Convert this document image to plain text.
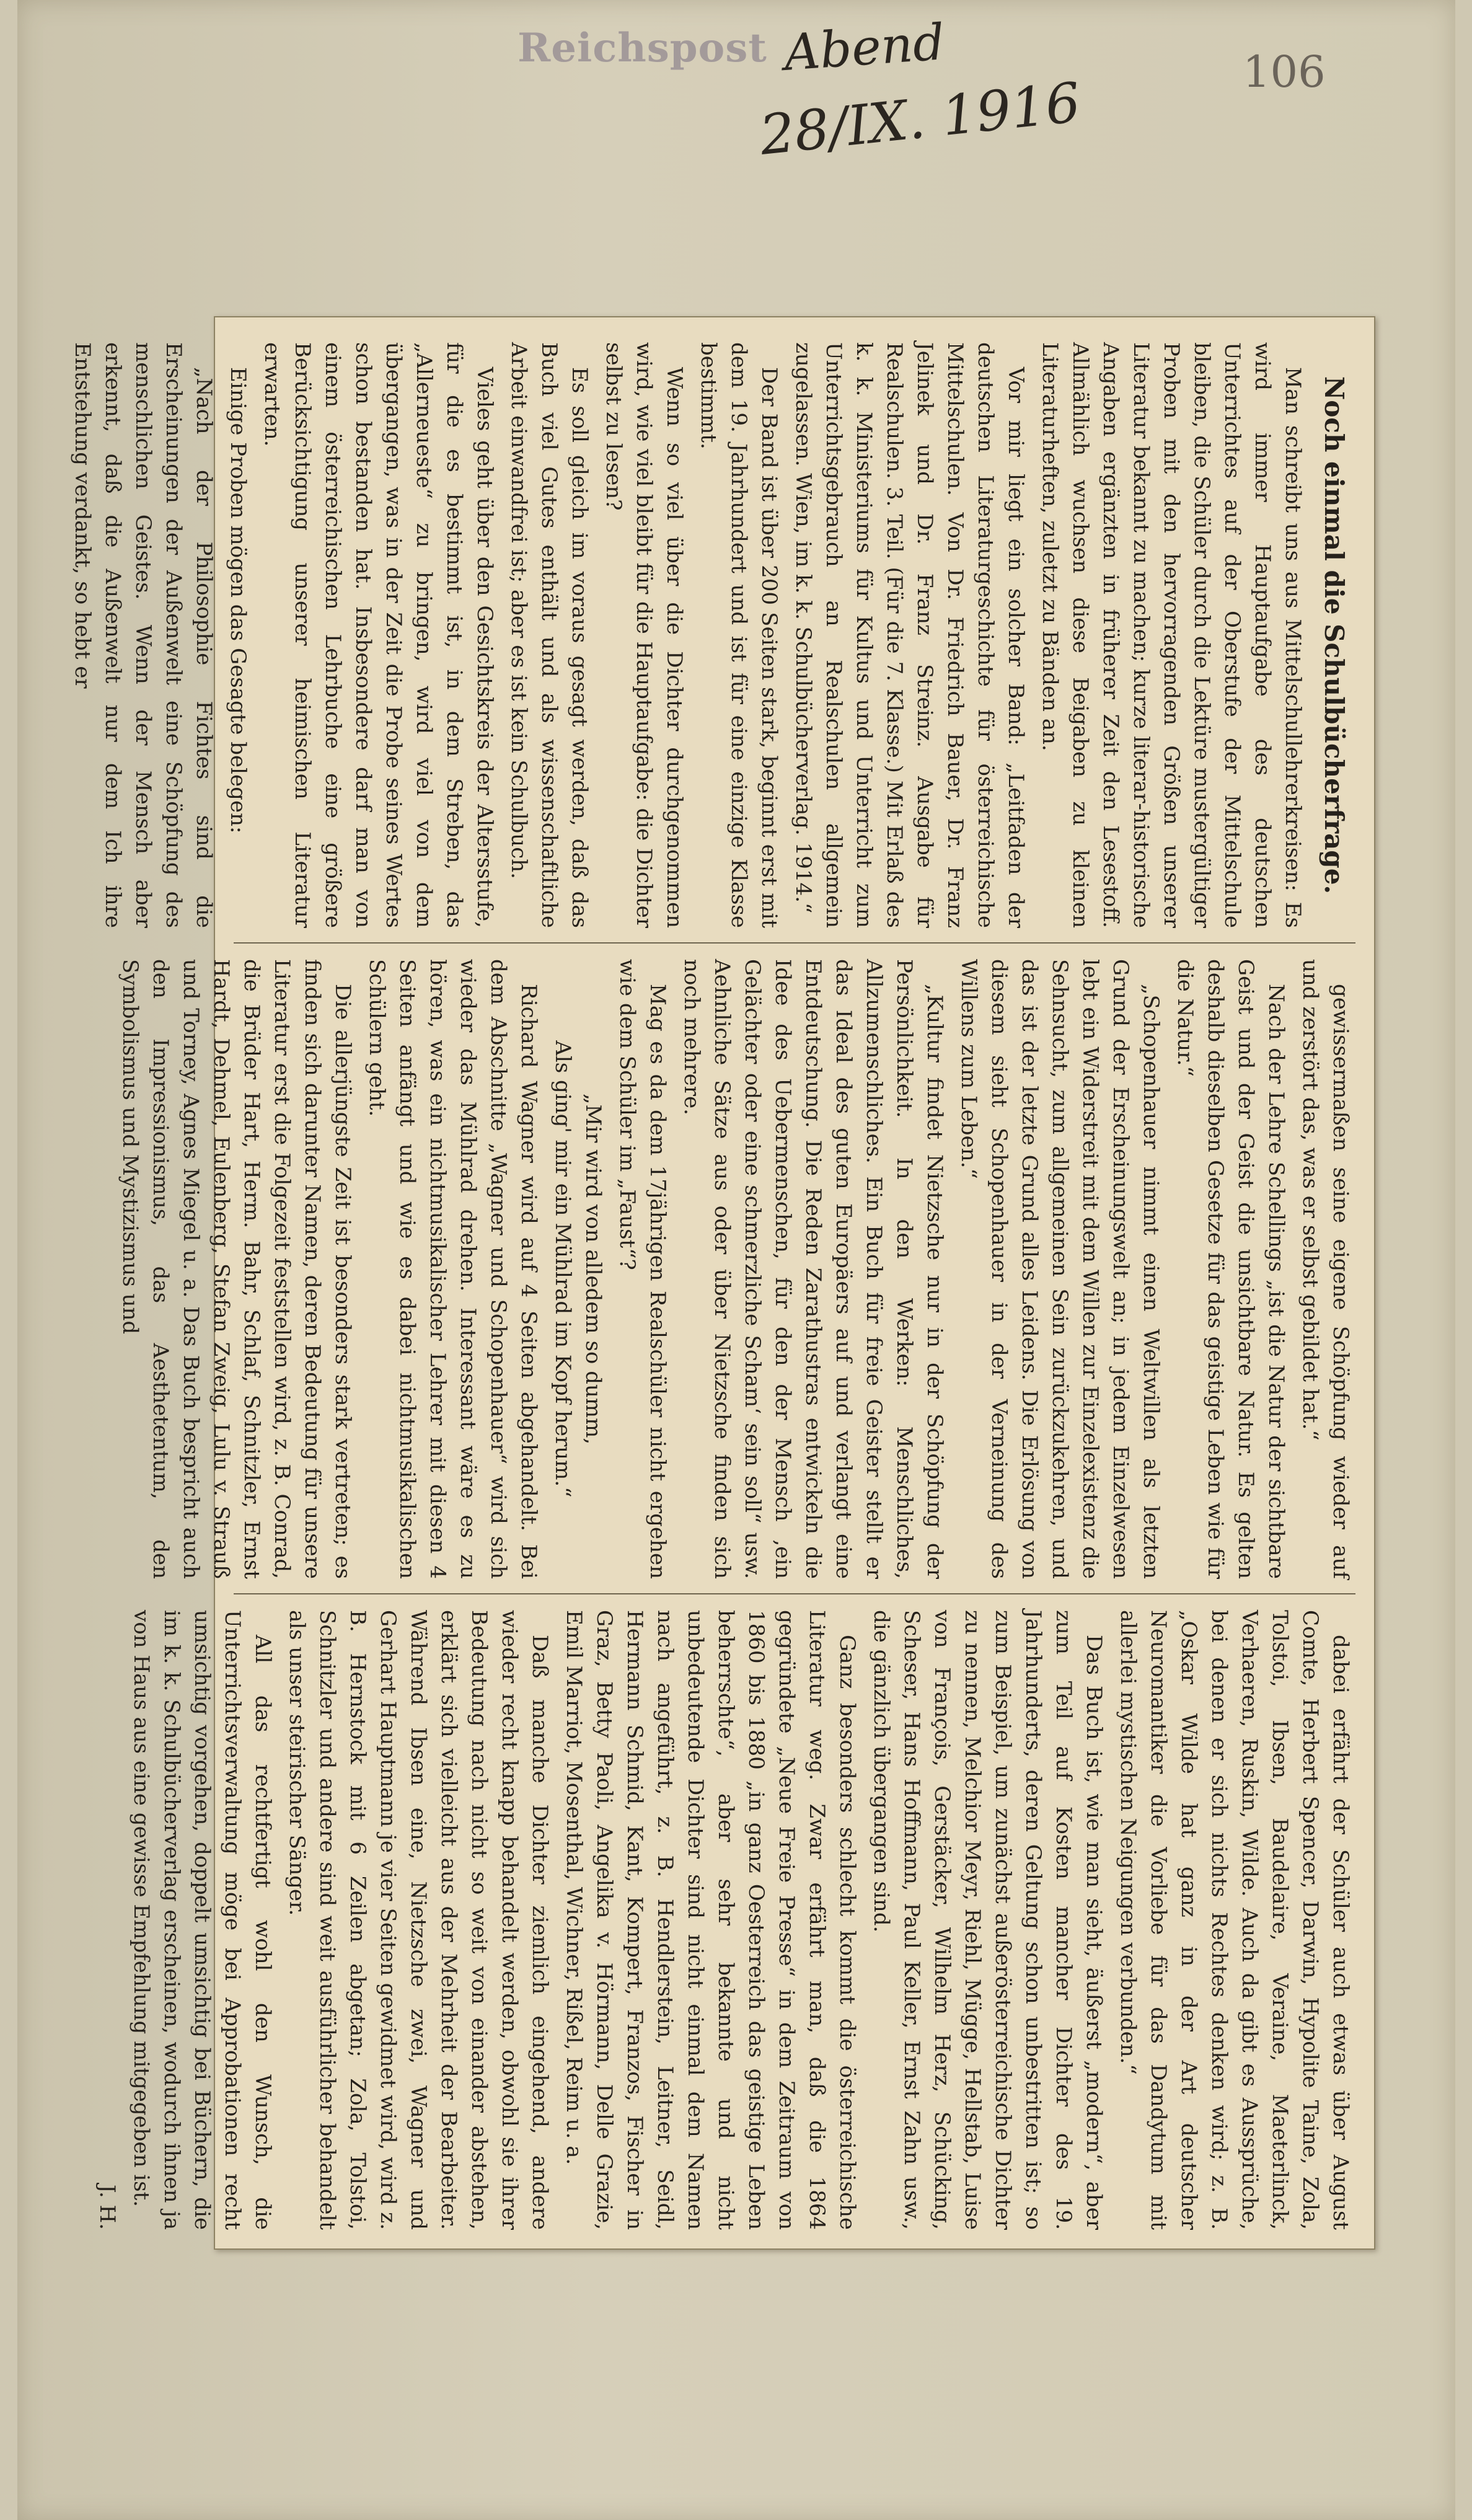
Reichspost Abend
28/IX. 1916	106

Noch einmal die Schulbücherfrage.

Man schreibt uns aus Mittelschullehrerkreisen: Es wird immer Hauptaufgabe des deutschen Unterrichtes auf der Oberstufe der Mittelschule bleiben, die Schüler durch die Lektüre mustergültiger Proben mit den hervorragenden Größen unserer Literatur bekannt zu machen; kurze literar-historische Angaben ergänzten in früherer Zeit den Lesestoff. Allmählich wuchsen diese Beigaben zu kleinen Literaturheften, zuletzt zu Bänden an.

Vor mir liegt ein solcher Band: „Leitfaden der deutschen Literaturgeschichte für österreichische Mittelschulen. Von Dr. Friedrich Bauer, Dr. Franz Jelinek und Dr. Franz Streinz. Ausgabe für Realschulen. 3. Teil. (Für die 7. Klasse.) Mit Erlaß des k. k. Ministeriums für Kultus und Unterricht zum Unterrichtsgebrauch an Realschulen allgemein zugelassen. Wien, im k. k. Schulbücherverlag. 1914.“

Der Band ist über 200 Seiten stark, beginnt erst mit dem 19. Jahrhundert und ist für eine einzige Klasse bestimmt.

Wenn so viel über die Dichter durchgenommen wird, wie viel bleibt für die Hauptaufgabe: die Dichter selbst zu lesen?

Es soll gleich im voraus gesagt werden, daß das Buch viel Gutes enthält und als wissenschaftliche Arbeit einwandfrei ist; aber es ist kein Schulbuch.

Vieles geht über den Gesichtskreis der Altersstufe, für die es bestimmt ist, in dem Streben, das „Allerneueste“ zu bringen, wird viel von dem übergangen, was in der Zeit die Probe seines Wertes schon bestanden hat. Insbesondere darf man von einem österreichischen Lehrbuche eine größere Berücksichtigung unserer heimischen Literatur erwarten.

Einige Proben mögen das Gesagte belegen:

„Nach der Philosophie Fichtes sind die Erscheinungen der Außenwelt eine Schöpfung des menschlichen Geistes. Wenn der Mensch aber erkennt, daß die Außenwelt nur dem Ich ihre Entstehung verdankt, so hebt er

gewissermaßen seine eigene Schöpfung wieder auf und zerstört das, was er selbst gebildet hat.“

Nach der Lehre Schellings „ist die Natur der sichtbare Geist und der Geist die unsichtbare Natur. Es gelten deshalb dieselben Gesetze für das geistige Leben wie für die Natur.“

„Schopenhauer nimmt einen Weltwillen als letzten Grund der Erscheinungswelt an; in jedem Einzelwesen lebt ein Widerstreit mit dem Willen zur Einzelexistenz die Sehnsucht, zum allgemeinen Sein zurückzukehren, und das ist der letzte Grund alles Leidens. Die Erlösung von diesem sieht Schopenhauer in der Verneinung des Willens zum Leben.“

„Kultur findet Nietzsche nur in der Schöpfung der Persönlichkeit. In den Werken: Menschliches, Allzumenschliches. Ein Buch für freie Geister stellt er das Ideal des guten Europäers auf und verlangt eine Entdeutschung. Die Reden Zarathustras entwickeln die Idee des Uebermenschen, für den der Mensch ‚ein Gelächter oder eine schmerzliche Scham‘ sein soll“ usw. Aehnliche Sätze aus oder über Nietzsche finden sich noch mehrere.

Mag es da dem 17jährigen Realschüler nicht ergehen wie dem Schüler im „Faust“?

„Mir wird von alledem so dumm,
Als ging' mir ein Mühlrad im Kopf herum.“

Richard Wagner wird auf 4 Seiten abgehandelt. Bei dem Abschnitte „Wagner und Schopenhauer“ wird sich wieder das Mühlrad drehen. Interessant wäre es zu hören, was ein nichtmusikalischer Lehrer mit diesen 4 Seiten anfängt und wie es dabei nichtmusikalischen Schülern geht.

Die allerjüngste Zeit ist besonders stark vertreten; es finden sich darunter Namen, deren Bedeutung für unsere Literatur erst die Folgezeit feststellen wird, z. B. Conrad, die Brüder Hart, Herm. Bahr, Schlaf, Schnitzler, Ernst Hardt, Dehmel, Eulenberg, Stefan Zweig, Lulu v. Strauß und Torney, Agnes Miegel u. a. Das Buch bespricht auch den Impressionismus, das Aesthetentum, den Symbolismus und Mystizismus und

dabei erfährt der Schüler auch etwas über August Comte, Herbert Spencer, Darwin, Hypolite Taine, Zola, Tolstoi, Ibsen, Baudelaire, Veraine, Maeterlinck, Verhaeren, Ruskin, Wilde. Auch da gibt es Aussprüche, bei denen er sich nichts Rechtes denken wird; z. B. „Oskar Wilde hat ganz in der Art deutscher Neuromantiker die Vorliebe für das Dandytum mit allerlei mystischen Neigungen verbunden.“

Das Buch ist, wie man sieht, äußerst „modern“, aber zum Teil auf Kosten mancher Dichter des 19. Jahrhunderts, deren Geltung schon unbestritten ist; so zum Beispiel, um zunächst außerösterreichische Dichter zu nennen, Melchior Meyr, Riehl, Mügge, Hellstab, Luise von François, Gerstäcker, Wilhelm Herz, Schücking, Scheser, Hans Hoffmann, Paul Keller, Ernst Zahn usw., die gänzlich übergangen sind.

Ganz besonders schlecht kommt die österreichische Literatur weg. Zwar erfährt man, daß die 1864 gegründete „Neue Freie Presse“ in dem Zeitraum von 1860 bis 1880 „in ganz Oesterreich das geistige Leben beherrschte“, aber sehr bekannte und nicht unbedeutende Dichter sind nicht einmal dem Namen nach angeführt, z. B. Hendlerstein, Leitner, Seidl, Hermann Schmid, Kant, Kompert, Franzos, Fischer in Graz, Betty Paoli, Angelika v. Hörmann, Delle Grazie, Emil Marriot, Mosenthal, Wichner, Rißel, Reim u. a.

Daß manche Dichter ziemlich eingehend, andere wieder recht knapp behandelt werden, obwohl sie ihrer Bedeutung nach nicht so weit von einander abstehen, erklärt sich vielleicht aus der Mehrheit der Bearbeiter. Während Ibsen eine, Nietzsche zwei, Wagner und Gerhart Hauptmann je vier Seiten gewidmet wird, wird z. B. Hernstock mit 6 Zeilen abgetan; Zola, Tolstoi, Schnitzler und andere sind weit ausführlicher behandelt als unser steirischer Sänger.

All das rechtfertigt wohl den Wunsch, die Unterrichtsverwaltung möge bei Approbationen recht umsichtig vorgehen, doppelt umsichtig bei Büchern, die im k. k. Schulbücherverlag erscheinen, wodurch ihnen ja von Haus aus eine gewisse Empfehlung mitgegeben ist.

J. H.
